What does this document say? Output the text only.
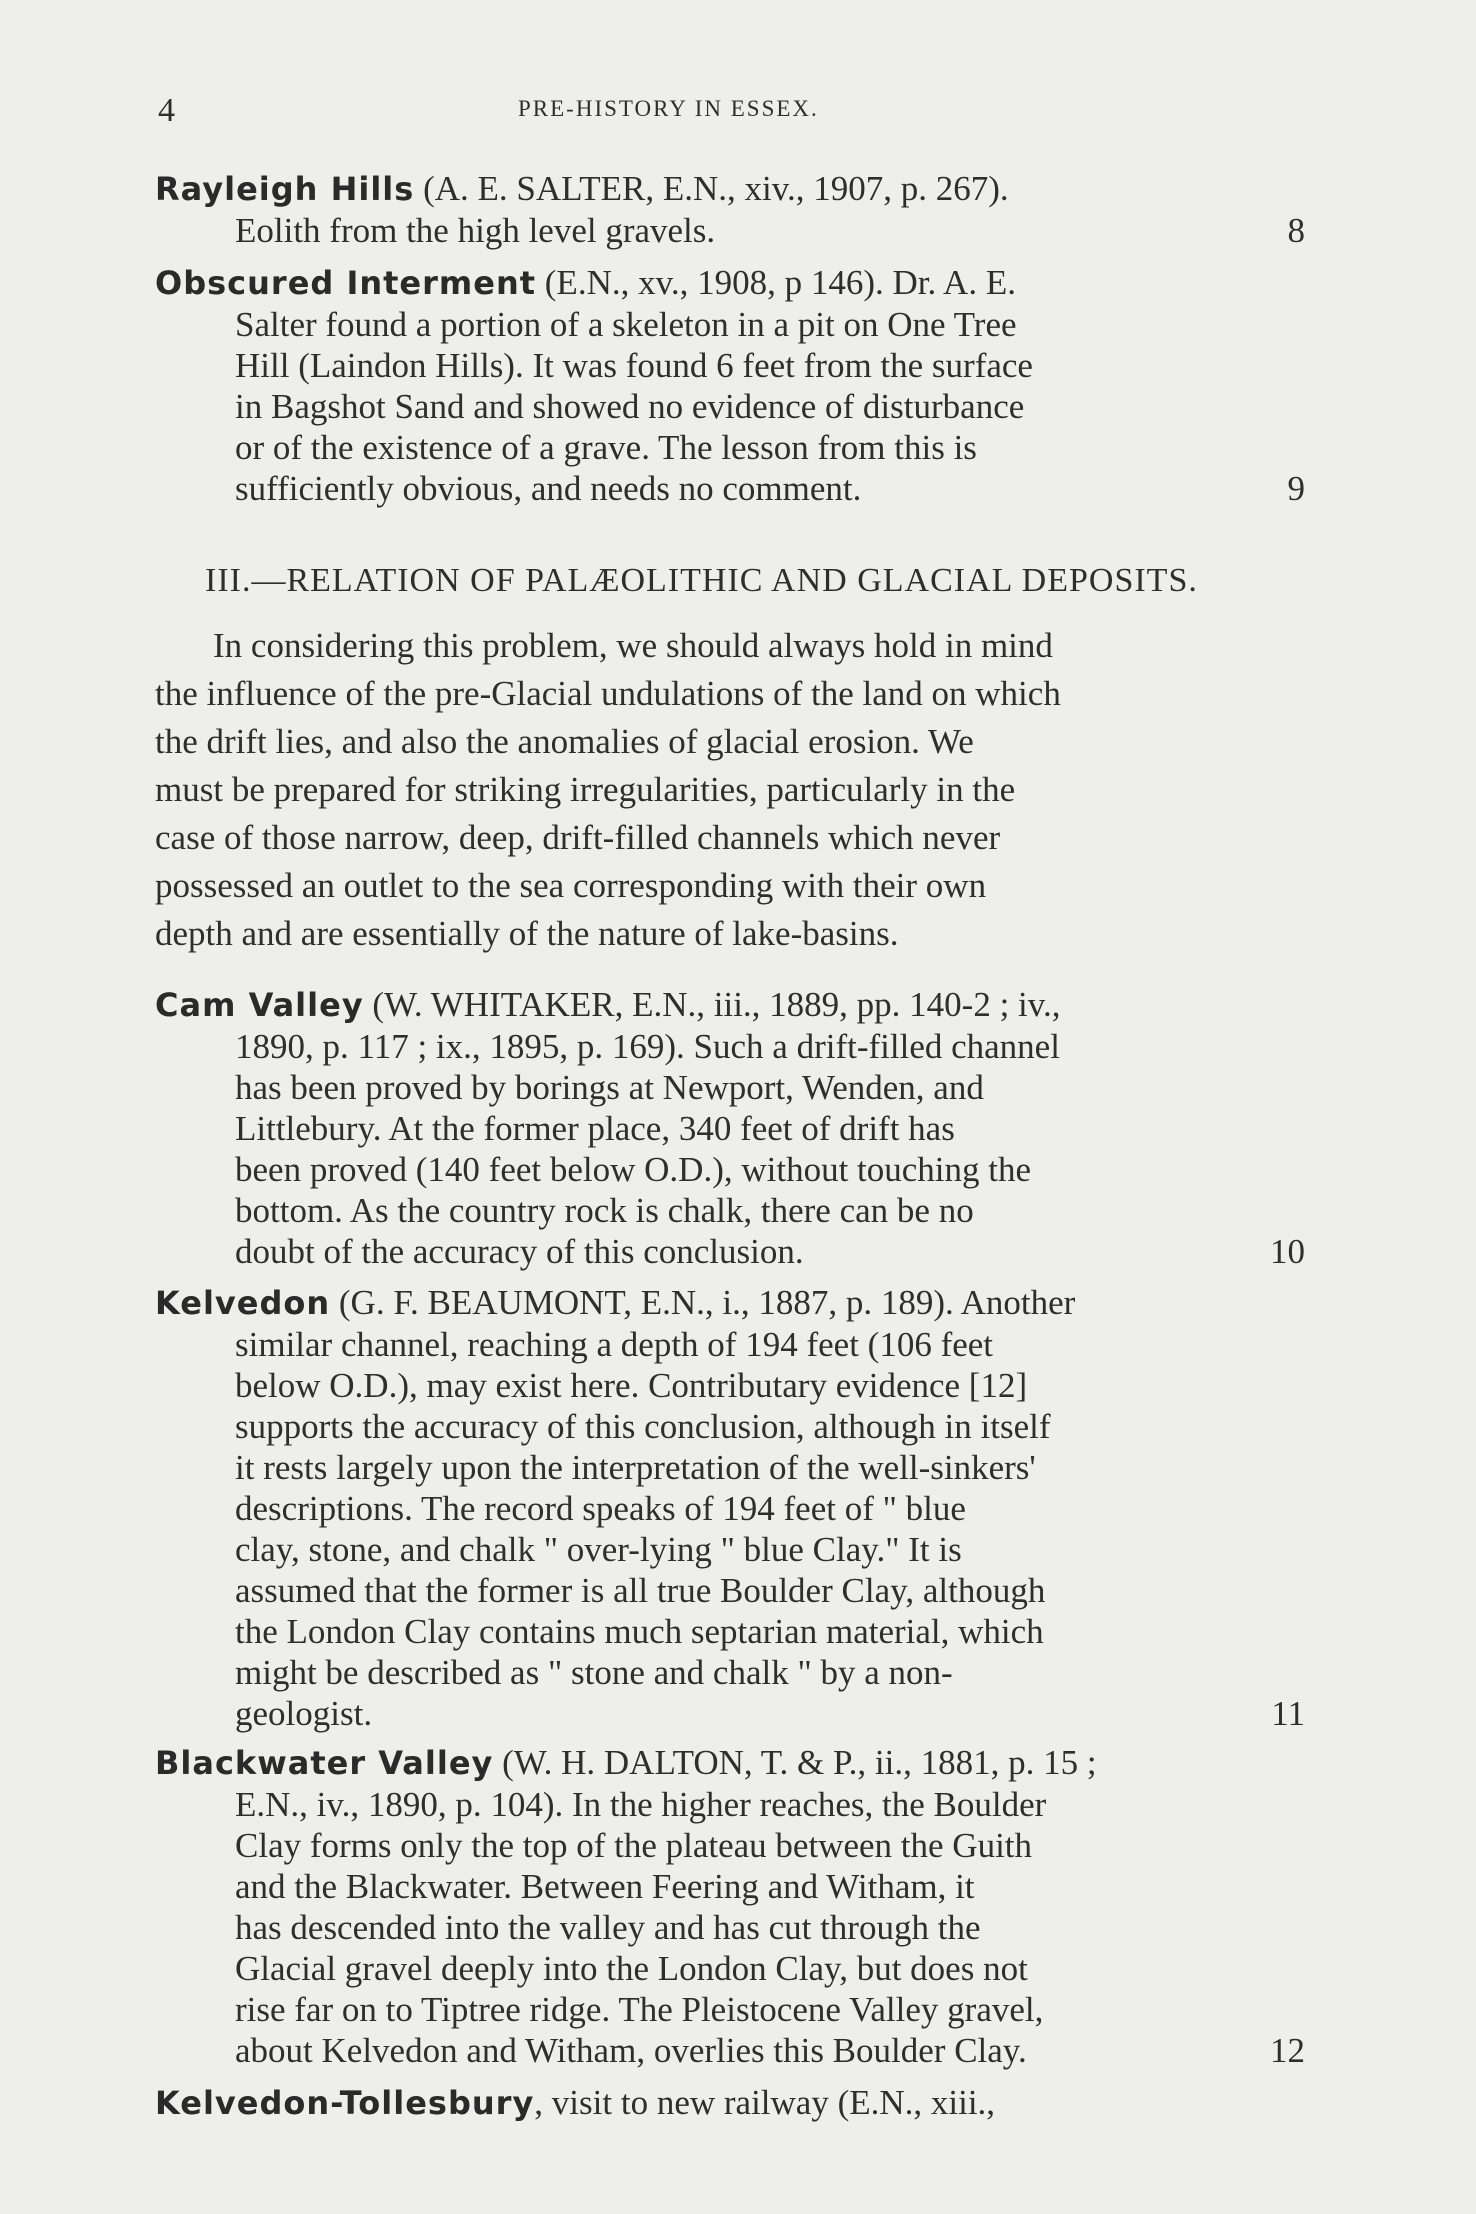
4	PRE-HISTORY IN ESSEX.
Rayleigh Hills (A. E. SALTER, E.N., xiv., 1907, p. 267).
Eolith from the high level gravels.	8
Obscured Interment (E.N., xv., 1908, p 146). Dr. A. E.
Salter found a portion of a skeleton in a pit on One Tree
Hill (Laindon Hills). It was found 6 feet from the surface
in Bagshot Sand and showed no evidence of disturbance
or of the existence of a grave. The lesson from this is
sufficiently obvious, and needs no comment.	9
III.—RELATION OF PALÆOLITHIC AND GLACIAL DEPOSITS.
In considering this problem, we should always hold in mind
the influence of the pre-Glacial undulations of the land on which
the drift lies, and also the anomalies of glacial erosion. We
must be prepared for striking irregularities, particularly in the
case of those narrow, deep, drift-filled channels which never
possessed an outlet to the sea corresponding with their own
depth and are essentially of the nature of lake-basins.
Cam Valley (W. WHITAKER, E.N., iii., 1889, pp. 140-2 ; iv.,
1890, p. 117 ; ix., 1895, p. 169). Such a drift-filled channel
has been proved by borings at Newport, Wenden, and
Littlebury. At the former place, 340 feet of drift has
been proved (140 feet below O.D.), without touching the
bottom. As the country rock is chalk, there can be no
doubt of the accuracy of this conclusion.	10
Kelvedon (G. F. BEAUMONT, E.N., i., 1887, p. 189). Another
similar channel, reaching a depth of 194 feet (106 feet
below O.D.), may exist here. Contributary evidence [12]
supports the accuracy of this conclusion, although in itself
it rests largely upon the interpretation of the well-sinkers'
descriptions. The record speaks of 194 feet of " blue
clay, stone, and chalk " over-lying " blue Clay." It is
assumed that the former is all true Boulder Clay, although
the London Clay contains much septarian material, which
might be described as " stone and chalk " by a non-
geologist.	11
Blackwater Valley (W. H. DALTON, T. & P., ii., 1881, p. 15 ;
E.N., iv., 1890, p. 104). In the higher reaches, the Boulder
Clay forms only the top of the plateau between the Guith
and the Blackwater. Between Feering and Witham, it
has descended into the valley and has cut through the
Glacial gravel deeply into the London Clay, but does not
rise far on to Tiptree ridge. The Pleistocene Valley gravel,
about Kelvedon and Witham, overlies this Boulder Clay.	12
Kelvedon-Tollesbury, visit to new railway (E.N., xiii.,
